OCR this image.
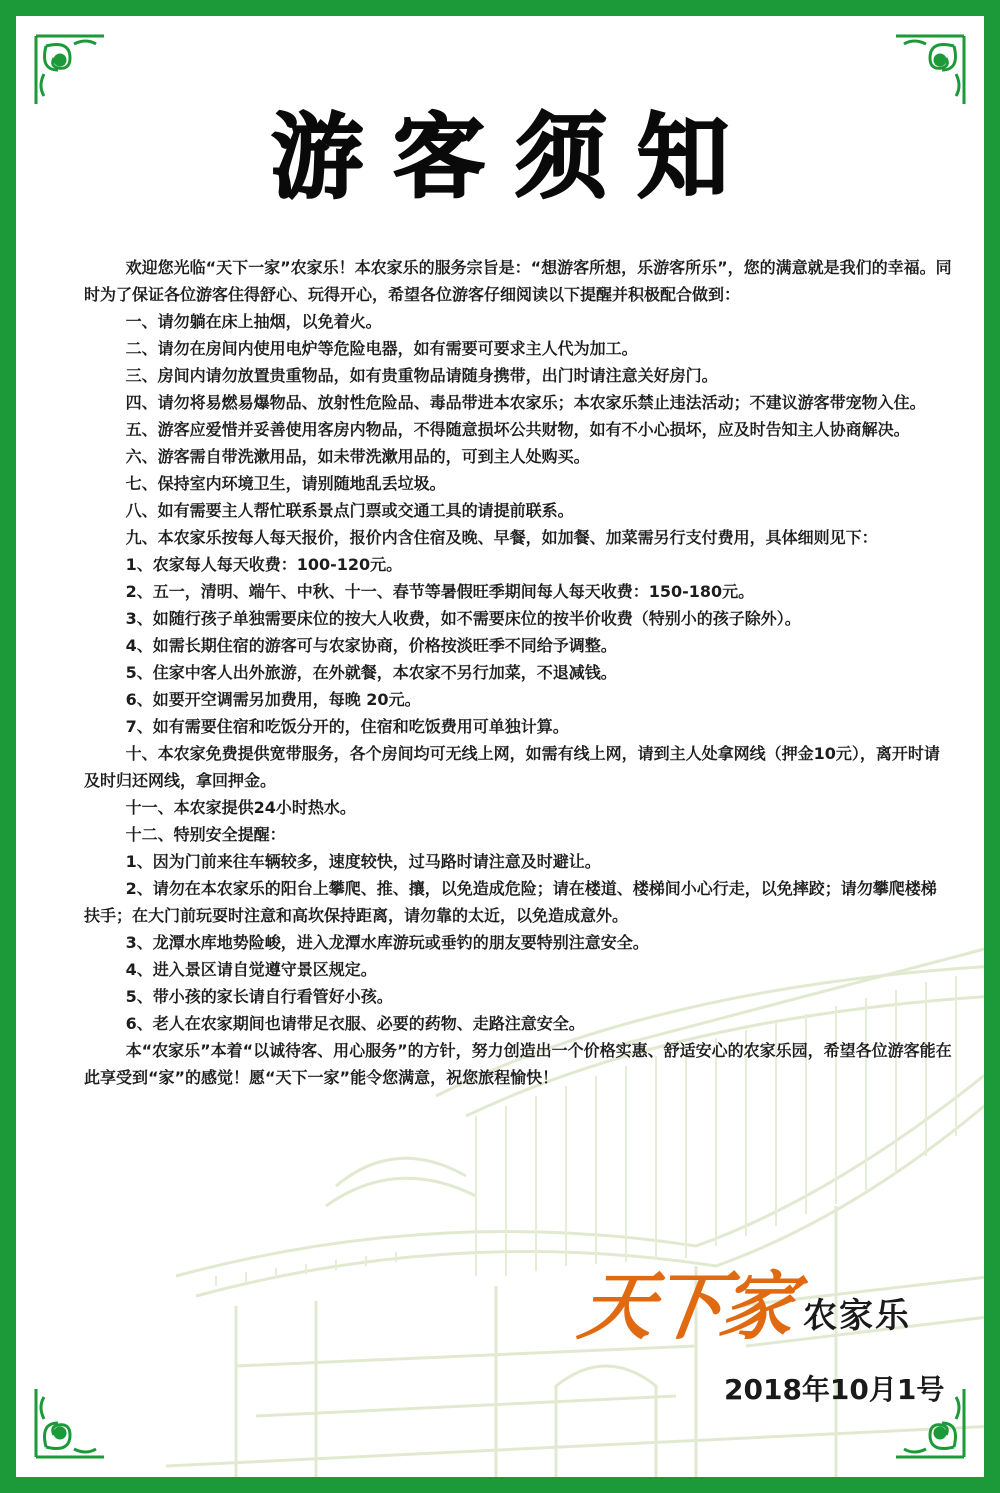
游客须知

欢迎您光临“天下一家”农家乐！本农家乐的服务宗旨是：“想游客所想，乐游客所乐”，您的满意就是我们的幸福。同时为了保证各位游客住得舒心、玩得开心，希望各位游客仔细阅读以下提醒并积极配合做到：

一、请勿躺在床上抽烟，以免着火。

二、请勿在房间内使用电炉等危险电器，如有需要可要求主人代为加工。

三、房间内请勿放置贵重物品，如有贵重物品请随身携带，出门时请注意关好房门。

四、请勿将易燃易爆物品、放射性危险品、毒品带进本农家乐；本农家乐禁止违法活动；不建议游客带宠物入住。

五、游客应爱惜并妥善使用客房内物品，不得随意损坏公共财物，如有不小心损坏，应及时告知主人协商解决。

六、游客需自带洗漱用品，如未带洗漱用品的，可到主人处购买。

七、保持室内环境卫生，请别随地乱丢垃圾。

八、如有需要主人帮忙联系景点门票或交通工具的请提前联系。

九、本农家乐按每人每天报价，报价内含住宿及晚、早餐，如加餐、加菜需另行支付费用，具体细则见下：

1、农家每人每天收费：100-120元。

2、五一，清明、端午、中秋、十一、春节等暑假旺季期间每人每天收费：150-180元。

3、如随行孩子单独需要床位的按大人收费，如不需要床位的按半价收费（特别小的孩子除外）。

4、如需长期住宿的游客可与农家协商，价格按淡旺季不同给予调整。

5、住家中客人出外旅游，在外就餐，本农家不另行加菜，不退减钱。

6、如要开空调需另加费用，每晚 20元。

7、如有需要住宿和吃饭分开的，住宿和吃饭费用可单独计算。

十、本农家免费提供宽带服务，各个房间均可无线上网，如需有线上网，请到主人处拿网线（押金10元），离开时请及时归还网线，拿回押金。

十一、本农家提供24小时热水。

十二、特别安全提醒：

1、因为门前来往车辆较多，速度较快，过马路时请注意及时避让。

2、请勿在本农家乐的阳台上攀爬、推、攘，以免造成危险；请在楼道、楼梯间小心行走，以免摔跤；请勿攀爬楼梯扶手；在大门前玩耍时注意和高坎保持距离，请勿靠的太近，以免造成意外。

3、龙潭水库地势险峻，进入龙潭水库游玩或垂钓的朋友要特别注意安全。

4、进入景区请自觉遵守景区规定。

5、带小孩的家长请自行看管好小孩。

6、老人在农家期间也请带足衣服、必要的药物、走路注意安全。

本“农家乐”本着“以诚待客、用心服务”的方针，努力创造出一个价格实惠、舒适安心的农家乐园，希望各位游客能在此享受到“家”的感觉！愿“天下一家”能令您满意，祝您旅程愉快！

天下家 农家乐
2018年10月1号
